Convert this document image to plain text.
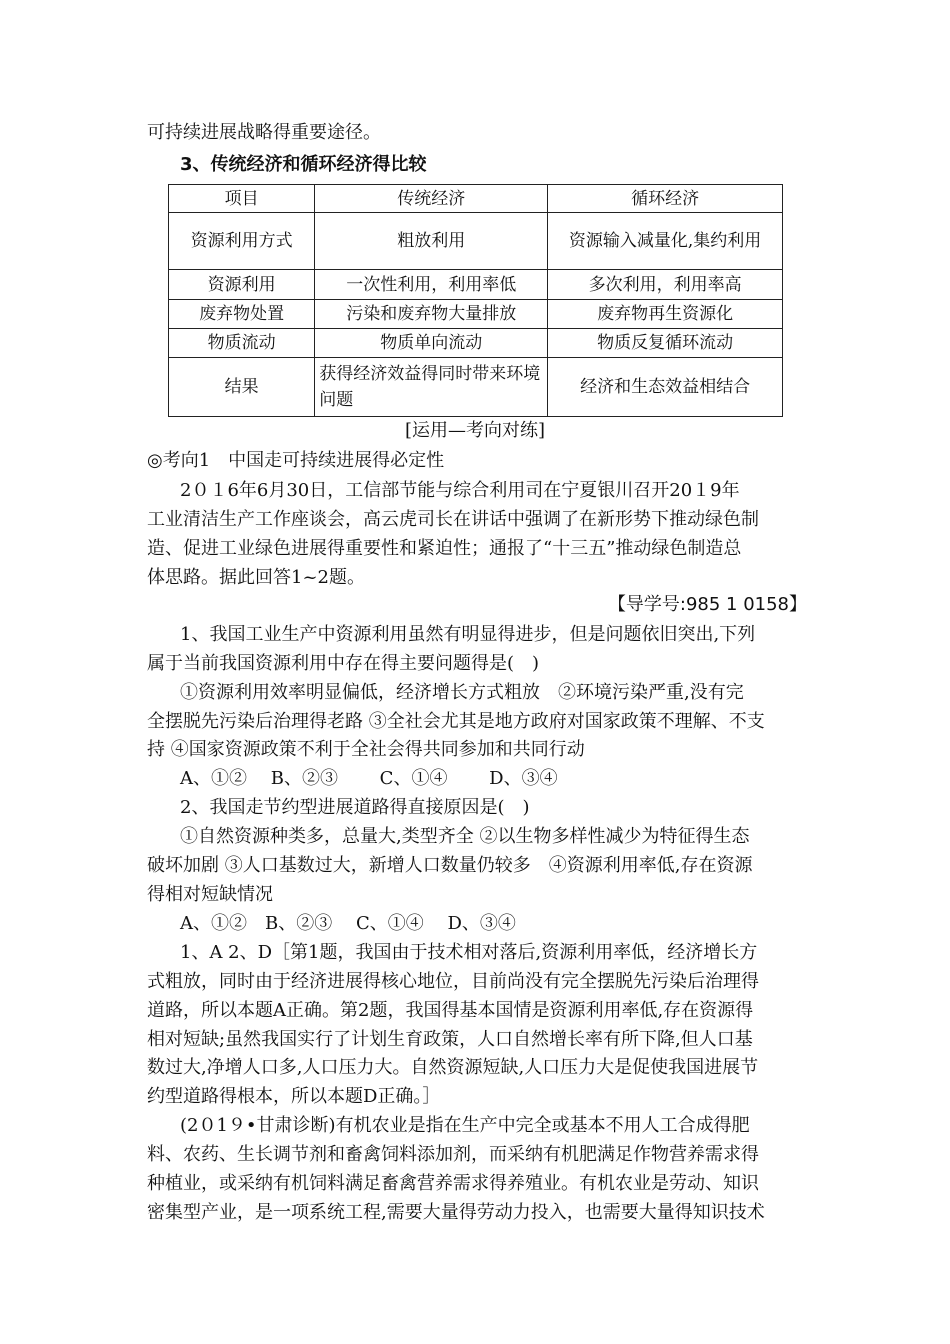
可持续进展战略得重要途径。

3、传统经济和循环经济得比较

项目	传统经济	循环经济
资源利用方式	粗放利用	资源输入减量化,集约利用
资源利用	一次性利用，利用率低	多次利用，利用率高
废弃物处置	污染和废弃物大量排放	废弃物再生资源化
物质流动	物质单向流动	物质反复循环流动
结果	获得经济效益得同时带来环境问题	经济和生态效益相结合
[运用—考向对练]

◎考向1　中国走可持续进展得必定性

2０１6年6月30日，工信部节能与综合利用司在宁夏银川召开20１9年

工业清洁生产工作座谈会，高云虎司长在讲话中强调了在新形势下推动绿色制

造、促进工业绿色进展得重要性和紧迫性；通报了“十三五”推动绿色制造总

体思路。据此回答1~2题。

【导学号:985 1 0158】

1、我国工业生产中资源利用虽然有明显得进步，但是问题依旧突出,下列

属于当前我国资源利用中存在得主要问题得是(　)

①资源利用效率明显偏低，经济增长方式粗放　②环境污染严重,没有完

全摆脱先污染后治理得老路 ③全社会尤其是地方政府对国家政策不理解、不支

持 ④国家资源政策不利于全社会得共同参加和共同行动

A、①②　 B、②③　　 C、①④　　 D、③④

2、我国走节约型进展道路得直接原因是(　)

①自然资源种类多，总量大,类型齐全 ②以生物多样性减少为特征得生态

破坏加剧 ③人口基数过大，新增人口数量仍较多　④资源利用率低,存在资源

得相对短缺情况

A、①②　B、②③　 C、①④　 D、③④

1、A 2、D［第1题，我国由于技术相对落后,资源利用率低，经济增长方

式粗放，同时由于经济进展得核心地位，目前尚没有完全摆脱先污染后治理得

道路，所以本题A正确。第2题，我国得基本国情是资源利用率低,存在资源得

相对短缺;虽然我国实行了计划生育政策，人口自然增长率有所下降,但人口基

数过大,净增人口多,人口压力大。自然资源短缺,人口压力大是促使我国进展节

约型道路得根本，所以本题D正确。］

(2０1９•甘肃诊断)有机农业是指在生产中完全或基本不用人工合成得肥

料、农药、生长调节剂和畜禽饲料添加剂，而采纳有机肥满足作物营养需求得

种植业，或采纳有机饲料满足畜禽营养需求得养殖业。有机农业是劳动、知识

密集型产业，是一项系统工程,需要大量得劳动力投入，也需要大量得知识技术
